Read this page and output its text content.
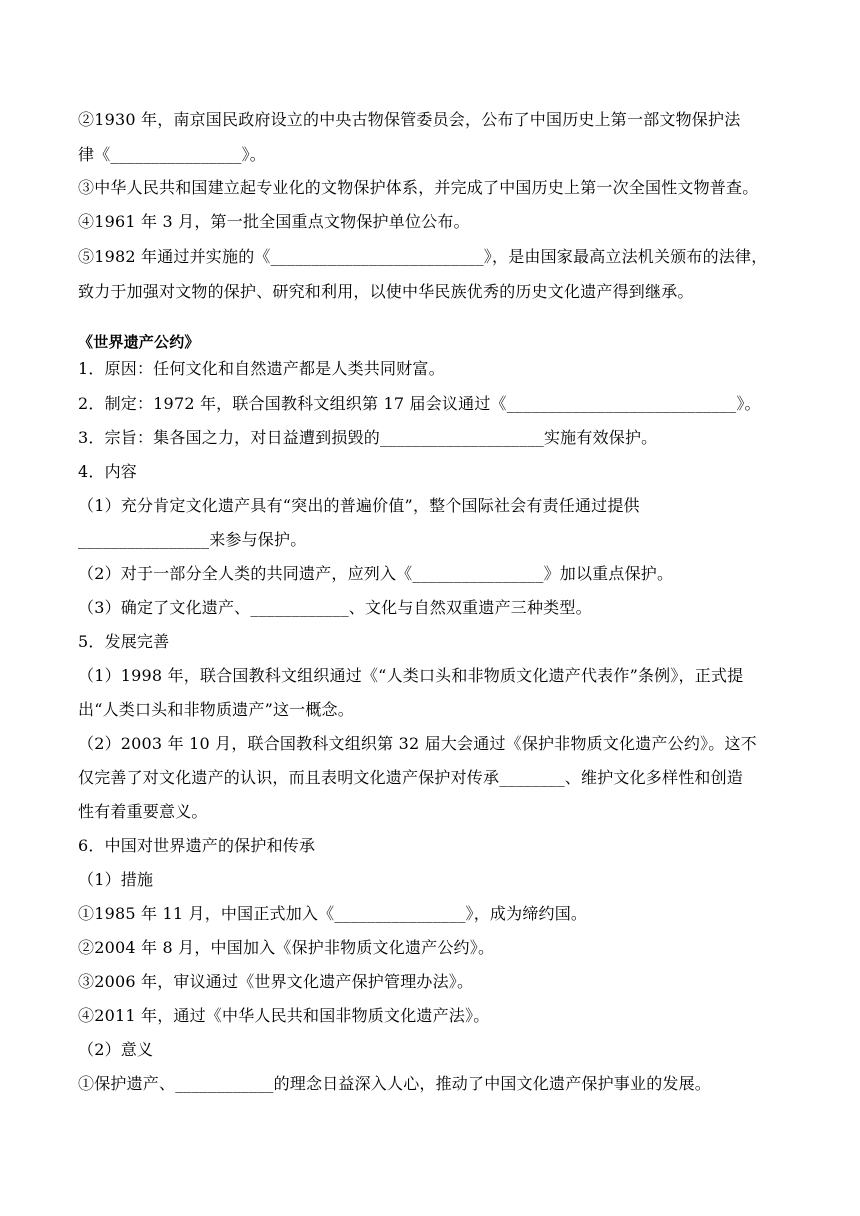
②1930 年，南京国民政府设立的中央古物保管委员会，公布了中国历史上第一部文物保护法
律《________________》。
③中华人民共和国建立起专业化的文物保护体系，并完成了中国历史上第一次全国性文物普查。
④1961 年 3 月，第一批全国重点文物保护单位公布。
⑤1982 年通过并实施的《__________________________》，是由国家最高立法机关颁布的法律，
致力于加强对文物的保护、研究和利用，以使中华民族优秀的历史文化遗产得到继承。
《世界遗产公约》
1．原因：任何文化和自然遗产都是人类共同财富。
2．制定：1972 年，联合国教科文组织第 17 届会议通过《____________________________》。
3．宗旨：集各国之力，对日益遭到损毁的____________________实施有效保护。
4．内容
（1）充分肯定文化遗产具有“突出的普遍价值”，整个国际社会有责任通过提供
________________来参与保护。
（2）对于一部分全人类的共同遗产，应列入《________________》加以重点保护。
（3）确定了文化遗产、____________、文化与自然双重遗产三种类型。
5．发展完善
（1）1998 年，联合国教科文组织通过《“人类口头和非物质文化遗产代表作”条例》，正式提
出“人类口头和非物质遗产”这一概念。
（2）2003 年 10 月，联合国教科文组织第 32 届大会通过《保护非物质文化遗产公约》。这不
仅完善了对文化遗产的认识，而且表明文化遗产保护对传承________、维护文化多样性和创造
性有着重要意义。
6．中国对世界遗产的保护和传承
（1）措施
①1985 年 11 月，中国正式加入《________________》，成为缔约国。
②2004 年 8 月，中国加入《保护非物质文化遗产公约》。
③2006 年，审议通过《世界文化遗产保护管理办法》。
④2011 年，通过《中华人民共和国非物质文化遗产法》。
（2）意义
①保护遗产、____________的理念日益深入人心，推动了中国文化遗产保护事业的发展。
